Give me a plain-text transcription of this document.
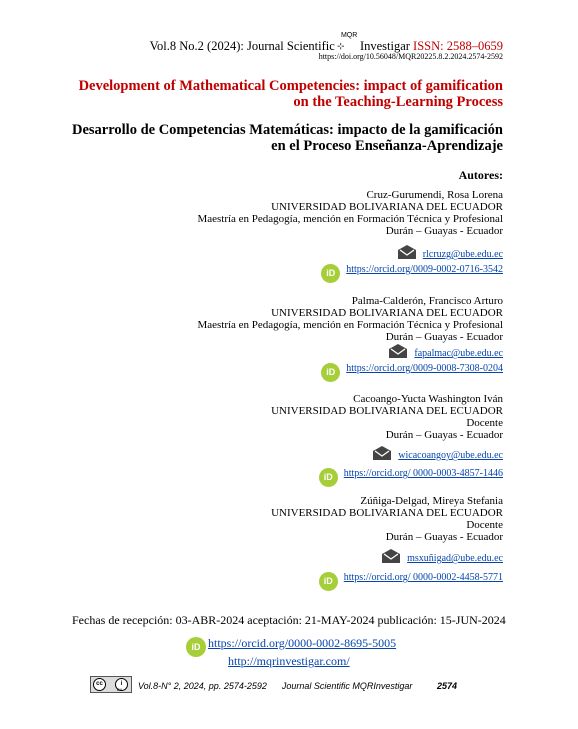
Vol.8 No.2 (2024): Journal Scientific
MQR
⊹ Investigar ISSN: 2588–0659
https://doi.org/10.56048/MQR20225.8.2.2024.2574-2592
Development of Mathematical Competencies: impact of gamification on the Teaching-Learning Process
Desarrollo de Competencias Matemáticas: impacto de la gamificación en el Proceso Enseñanza-Aprendizaje
Autores:
Cruz-Gurumendi, Rosa Lorena
UNIVERSIDAD BOLIVARIANA DEL ECUADOR
Maestría en Pedagogía, mención en Formación Técnica y Profesional
Durán – Guayas - Ecuador
rlcruzg@ube.edu.ec
iD https://orcid.org/0009-0002-0716-3542
Palma-Calderón, Francisco Arturo
UNIVERSIDAD BOLIVARIANA DEL ECUADOR
Maestría en Pedagogía, mención en Formación Técnica y Profesional
Durán – Guayas - Ecuador
fapalmac@ube.edu.ec
iD https://orcid.org/0009-0008-7308-0204
Cacoango-Yucta Washington Iván
UNIVERSIDAD BOLIVARIANA DEL ECUADOR
Docente
Durán – Guayas - Ecuador
wicacoangoy@ube.edu.ec
iD https://orcid.org/ 0000-0003-4857-1446
Zúñiga-Delgad, Mireya Stefania
UNIVERSIDAD BOLIVARIANA DEL ECUADOR
Docente
Durán – Guayas - Ecuador
msxuñigad@ube.edu.ec
iD https://orcid.org/ 0000-0002-4458-5771
Fechas de recepción: 03-ABR-2024 aceptación: 21-MAY-2024 publicación: 15-JUN-2024
iD https://orcid.org/0000-0002-8695-5005
http://mqrinvestigar.com/
cc	i
BY Vol.8-N° 2, 2024, pp. 2574-2592 Journal Scientific MQRInvestigar	2574
